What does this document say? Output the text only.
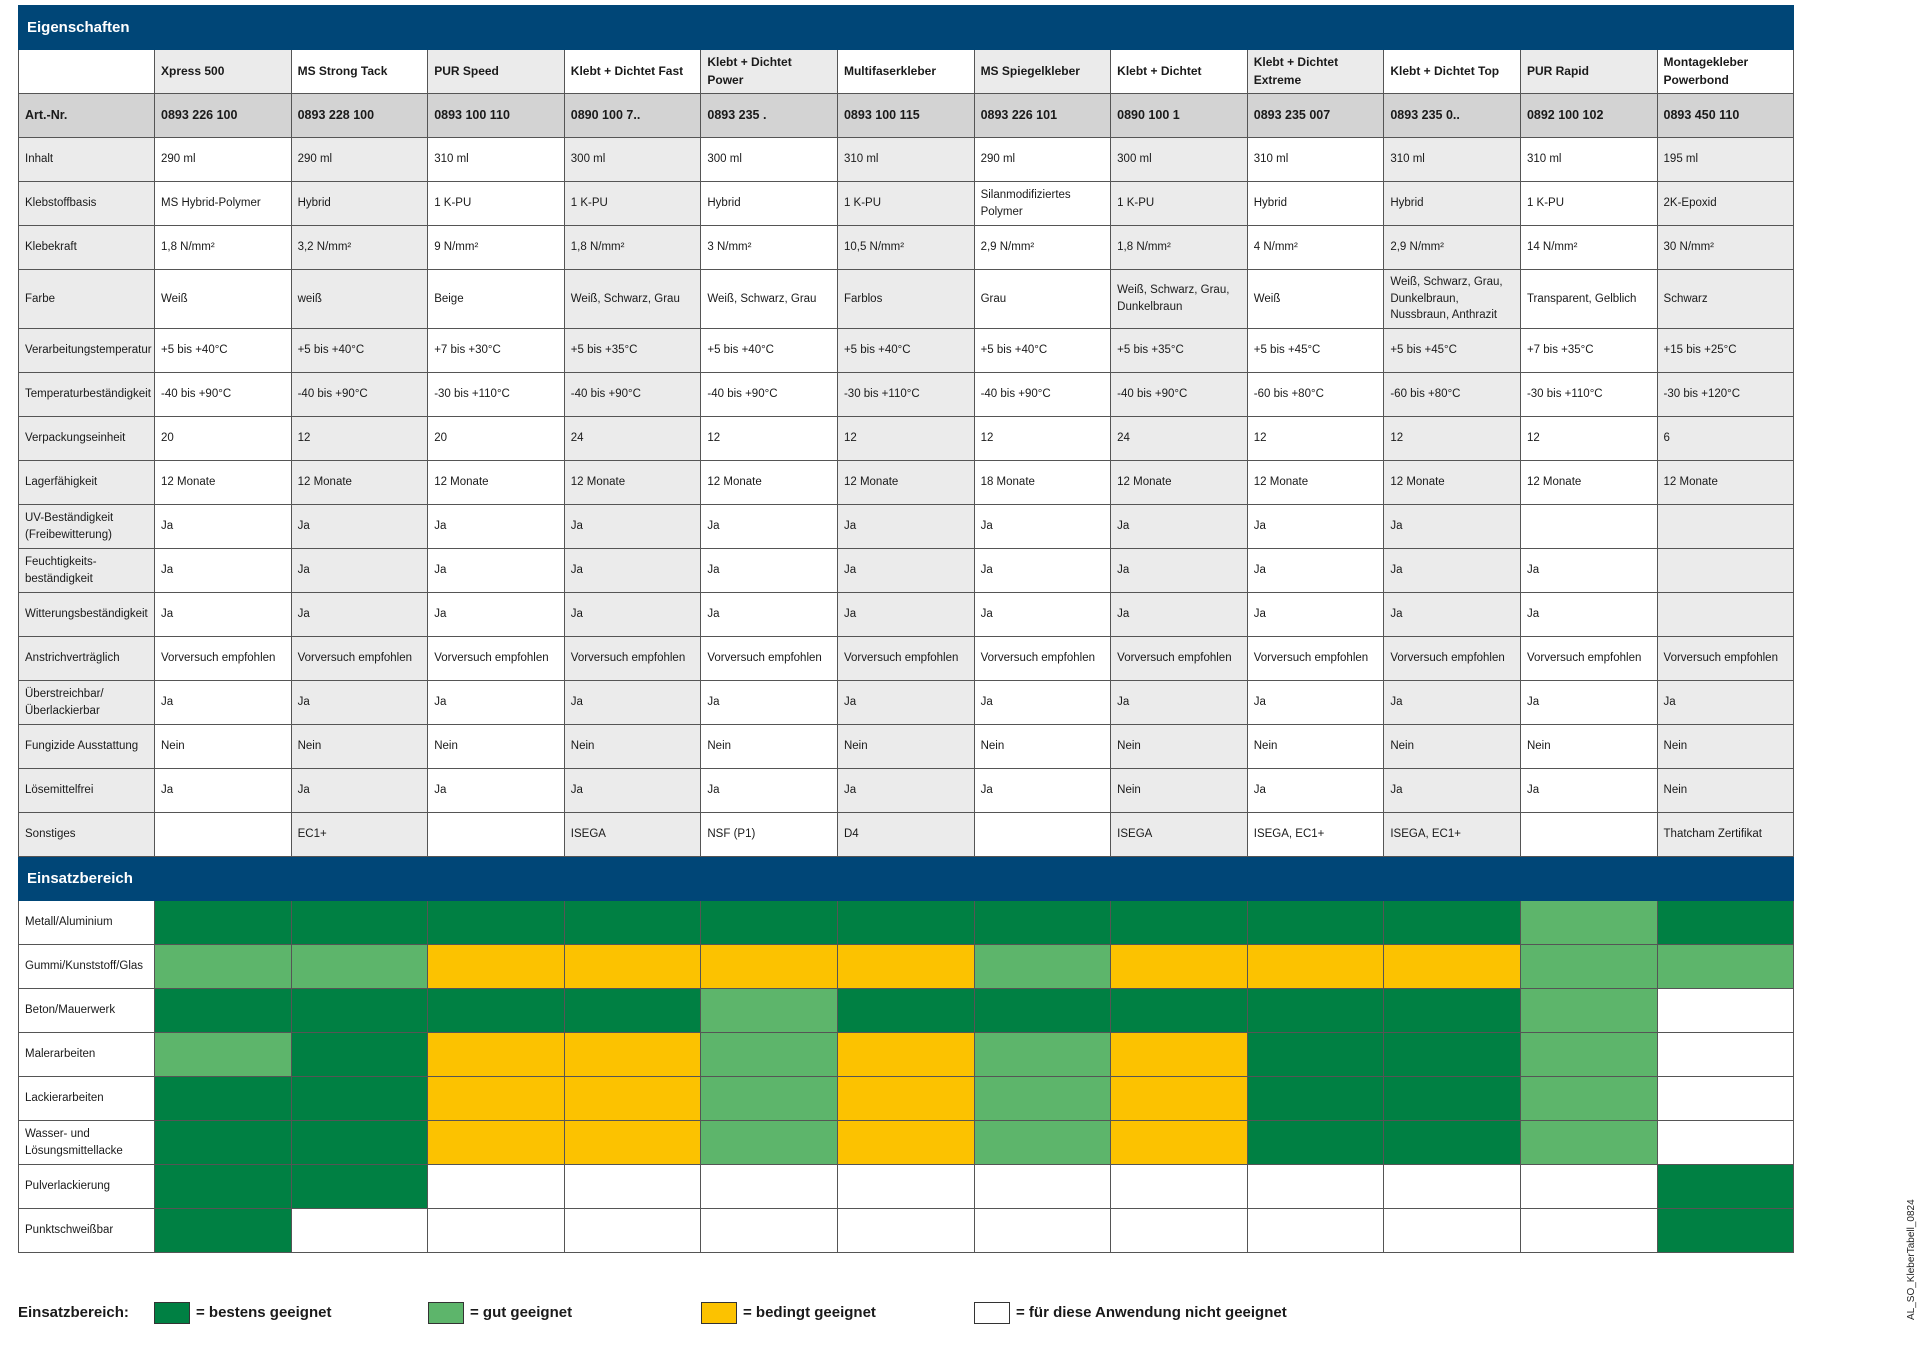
Eigenschaften												
	Xpress 500	MS Strong Tack	PUR Speed	Klebt + Dichtet Fast	Klebt + Dichtet Power	Multifaserkleber	MS Spiegelkleber	Klebt + Dichtet	Klebt + Dichtet Extreme	Klebt + Dichtet Top	PUR Rapid	Montagekleber Powerbond
Art.-Nr.	0893 226 100	0893 228 100	0893 100 110	0890 100 7..	0893 235 .	0893 100 115	0893 226 101	0890 100 1	0893 235 007	0893 235 0..	0892 100 102	0893 450 110
Inhalt	290 ml	290 ml	310 ml	300 ml	300 ml	310 ml	290 ml	300 ml	310 ml	310 ml	310 ml	195 ml
Klebstoffbasis	MS Hybrid-Polymer	Hybrid	1 K-PU	1 K-PU	Hybrid	1 K-PU	Silanmodifiziertes Polymer	1 K-PU	Hybrid	Hybrid	1 K-PU	2K-Epoxid
Klebekraft	1,8 N/mm²	3,2 N/mm²	9 N/mm²	1,8 N/mm²	3 N/mm²	10,5 N/mm²	2,9 N/mm²	1,8 N/mm²	4 N/mm²	2,9 N/mm²	14 N/mm²	30 N/mm²
Farbe	Weiß	weiß	Beige	Weiß, Schwarz, Grau	Weiß, Schwarz, Grau	Farblos	Grau	Weiß, Schwarz, Grau, Dunkelbraun	Weiß	Weiß, Schwarz, Grau, Dunkelbraun, Nussbraun, Anthrazit	Transparent, Gelblich	Schwarz
Verarbeitungstemperatur	+5 bis +40°C	+5 bis +40°C	+7 bis +30°C	+5 bis +35°C	+5 bis +40°C	+5 bis +40°C	+5 bis +40°C	+5 bis +35°C	+5 bis +45°C	+5 bis +45°C	+7 bis +35°C	+15 bis +25°C
Temperaturbeständigkeit	-40 bis +90°C	-40 bis +90°C	-30 bis +110°C	-40 bis +90°C	-40 bis +90°C	-30 bis +110°C	-40 bis +90°C	-40 bis +90°C	-60 bis +80°C	-60 bis +80°C	-30 bis +110°C	-30 bis +120°C
Verpackungseinheit	20	12	20	24	12	12	12	24	12	12	12	6
Lagerfähigkeit	12 Monate	12 Monate	12 Monate	12 Monate	12 Monate	12 Monate	18 Monate	12 Monate	12 Monate	12 Monate	12 Monate	12 Monate
UV-Beständigkeit (Freibewitterung)	Ja	Ja	Ja	Ja	Ja	Ja	Ja	Ja	Ja	Ja		
Feuchtigkeits-beständigkeit	Ja	Ja	Ja	Ja	Ja	Ja	Ja	Ja	Ja	Ja	Ja	
Witterungsbeständigkeit	Ja	Ja	Ja	Ja	Ja	Ja	Ja	Ja	Ja	Ja	Ja	
Anstrichverträglich	Vorversuch empfohlen	Vorversuch empfohlen	Vorversuch empfohlen	Vorversuch empfohlen	Vorversuch empfohlen	Vorversuch empfohlen	Vorversuch empfohlen	Vorversuch empfohlen	Vorversuch empfohlen	Vorversuch empfohlen	Vorversuch empfohlen	Vorversuch empfohlen
Überstreichbar/ Überlackierbar	Ja	Ja	Ja	Ja	Ja	Ja	Ja	Ja	Ja	Ja	Ja	Ja
Fungizide Ausstattung	Nein	Nein	Nein	Nein	Nein	Nein	Nein	Nein	Nein	Nein	Nein	Nein
Lösemittelfrei	Ja	Ja	Ja	Ja	Ja	Ja	Ja	Nein	Ja	Ja	Ja	Nein
Sonstiges		EC1+		ISEGA	NSF (P1)	D4		ISEGA	ISEGA, EC1+	ISEGA, EC1+		Thatcham Zertifikat
Einsatzbereich												
Metall/Aluminium												
Gummi/Kunststoff/Glas												
Beton/Mauerwerk												
Malerarbeiten												
Lackierarbeiten												
Wasser- und Lösungsmittellacke												
Pulverlackierung												
Punktschweißbar												
Einsatzbereich:	= bestens geeignet	= gut geeignet	= bedingt geeignet	= für diese Anwendung nicht geeignet	AL_SO_KleberTabell_0824
